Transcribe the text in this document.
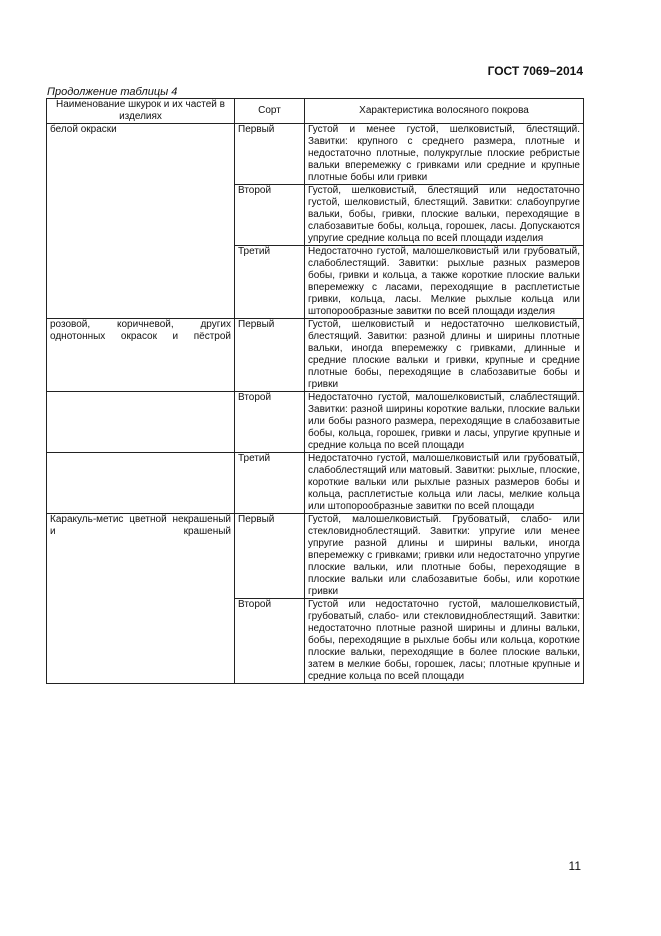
ГОСТ 7069−2014
Продолжение таблицы 4
Наименование шкурок и их частей в изделиях	Сорт	Характеристика волосяного покрова
белой окраски	Первый	Густой и менее густой, шелковистый, блестящий. Завитки: крупного с среднего размера, плотные и недостаточно плотные, полукруглые плоские ребристые вальки вперемежку с гривками или средние и крупные плотные бобы или гривки
	Второй	Густой, шелковистый, блестящий или недостаточно густой, шелковистый, блестящий. Завитки: слабоупругие вальки, бобы, гривки, плоские вальки, переходящие в слабозавитые бобы, кольца, горошек, ласы. Допускаются упругие средние кольца по всей площади изделия
	Третий	Недостаточно густой, малошелковистый или грубоватый, слабоблестящий. Завитки: рыхлые разных размеров бобы, гривки и кольца, а также короткие плоские вальки вперемежку с ласами, переходящие в расплетистые гривки, кольца, ласы. Мелкие рыхлые кольца или штопорообразные завитки по всей площади изделия
розовой, коричневой, других однотонных окрасок и пёстрой	Первый	Густой, шелковистый и недостаточно шелковистый, блестящий. Завитки: разной длины и ширины плотные вальки, иногда вперемежку с гривками, длинные и средние плоские вальки и гривки, крупные и средние плотные бобы, переходящие в слабозавитые бобы и гривки
	Второй	Недостаточно густой, малошелковистый, слаблестящий. Завитки: разной ширины короткие вальки, плоские вальки или бобы разного размера, переходящие в слабозавитые бобы, кольца, горошек, гривки и ласы, упругие крупные и средние кольца по всей площади
	Третий	Недостаточно густой, малошелковистый или грубоватый, слабоблестящий или матовый. Завитки: рыхлые, плоские, короткие вальки или рыхлые разных размеров бобы и кольца, расплетистые кольца или ласы, мелкие кольца или штопорообразные завитки по всей площади
Каракуль-метис цветной некрашеный и крашеный	Первый	Густой, малошелковистый. Грубоватый, слабо- или стекловиднoблестящий. Завитки: упругие или менее упругие разной длины и ширины вальки, иногда вперемежку с гривками; гривки или недостаточно упругие плоские вальки, или плотные бобы, переходящие в плоские вальки или слабозавитые бобы, или короткие гривки
	Второй	Густой или недостаточно густой, малошелковистый, грубоватый, слабо- или стекловидноблестящий. Завитки: недостаточно плотные разной ширины и длины вальки, бобы, переходящие в рыхлые бобы или кольца, короткие плоские вальки, переходящие в более плоские вальки, затем в мелкие бобы, горошек, ласы; плотные крупные и средние кольца по всей площади
11
